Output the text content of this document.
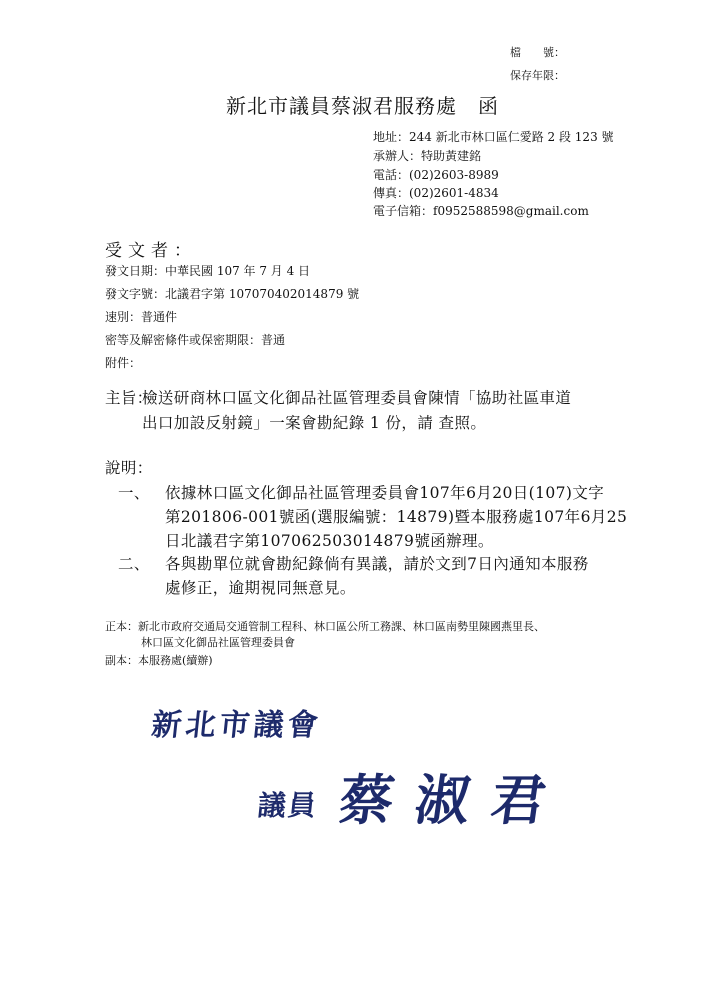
檔　　號：
保存年限：
新北市議員蔡淑君服務處　函
地址：244 新北市林口區仁愛路 2 段 123 號
承辦人：特助黃建銘
電話：(02)2603-8989
傳真：(02)2601-4834
電子信箱：f0952588598@gmail.com
受文者：
發文日期：中華民國 107 年 7 月 4 日
發文字號：北議君字第 107070402014879 號
速別：普通件
密等及解密條件或保密期限：普通
附件：
主旨：
檢送研商林口區文化御品社區管理委員會陳情「協助社區車道
出口加設反射鏡」一案會勘紀錄 1 份，請 查照。
說明：
一、 依據林口區文化御品社區管理委員會107年6月20日(107)文字
第201806-001號函(選服編號：14879)暨本服務處107年6月25
日北議君字第107062503014879號函辦理。
二、 各與勘單位就會勘紀錄倘有異議，請於文到7日內通知本服務
處修正，逾期視同無意見。
正本：新北市政府交通局交通管制工程科、林口區公所工務課、林口區南勢里陳國燕里長、
林口區文化御品社區管理委員會
副本：本服務處(續辦)
新北市議會
議員 蔡淑君
